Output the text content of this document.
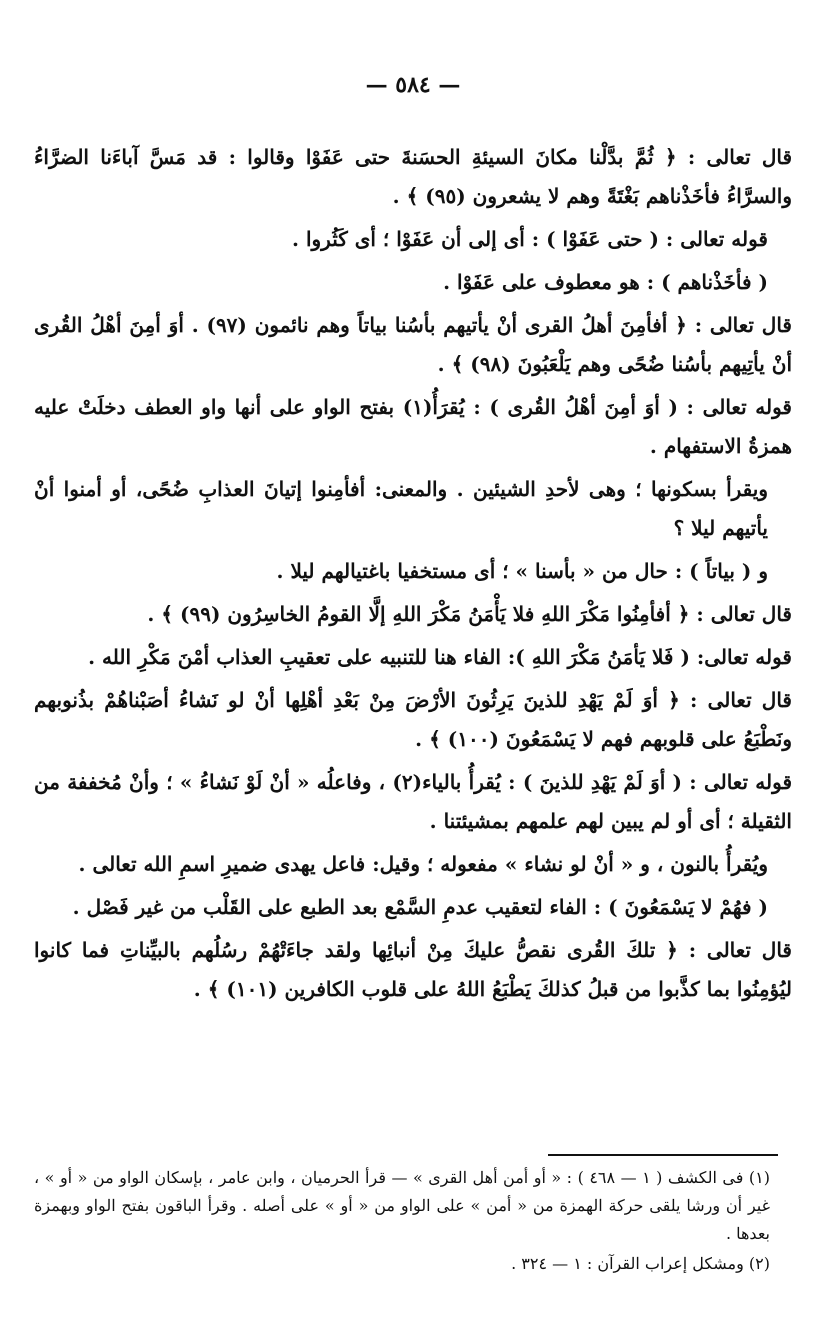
— ٥٨٤ —

قال تعالى : ﴿ ثُمَّ بدَّلْنا مكانَ السيئةِ الحسَنةَ حتى عَفَوْا وقالوا : قد مَسَّ آباءَنا الضرَّاءُ والسرَّاءُ فأخَذْناهم بَغْتَةً وهم لا يشعرون (٩٥) ﴾ .

قوله تعالى : ( حتى عَفَوْا ) : أى إلى أن عَفَوْا ؛ أى كَثُروا .

( فأخَذْناهم ) : هو معطوف على عَفَوْا .

قال تعالى : ﴿ أفأمِنَ أهلُ القرى أنْ يأتيهم بأسُنا بياتاً وهم نائمون (٩٧) . أوَ أمِنَ أهْلُ القُرى أنْ يأتِيهم بأسُنا ضُحًى وهم يَلْعَبُونَ (٩٨) ﴾ .

قوله تعالى : ( أوَ أمِنَ أهْلُ القُرى ) : يُقرَأُ(١) بفتح الواو على أنها واو العطف دخلَتْ عليه همزةُ الاستفهام .

ويقرأ بسكونها ؛ وهى لأحدِ الشيئين . والمعنى: أفأمِنوا إتيانَ العذابِ ضُحًى، أو أمنوا أنْ يأتيهم ليلا ؟

و ( بياتاً ) : حال من « بأسنا » ؛ أى مستخفيا باغتيالهم ليلا .

قال تعالى : ﴿ أفأمِنُوا مَكْرَ اللهِ فلا يَأْمَنُ مَكْرَ اللهِ إلَّا القومُ الخاسِرُون (٩٩) ﴾ .

قوله تعالى: ( فَلا يَأمَنُ مَكْرَ اللهِ ): الفاء هنا للتنبيه على تعقيبِ العذاب أمْنَ مَكْرِ الله .

قال تعالى : ﴿ أوَ لَمْ يَهْدِ للذينَ يَرِثُونَ الأرْضَ مِنْ بَعْدِ أهْلِها أنْ لو نَشاءُ أصَبْناهُمْ بذُنوبهم ونَطْبَعُ على قلوبهم فهم لا يَسْمَعُونَ (١٠٠) ﴾ .

قوله تعالى : ( أوَ لَمْ يَهْدِ للذينَ ) : يُقرأُ بالياء(٢) ، وفاعلُه « أنْ لَوْ نَشاءُ » ؛ وأنْ مُخففة من الثقيلة ؛ أى أو لم يبين لهم علمهم بمشيئتنا .

ويُقرأُ بالنون ، و « أنْ لو نشاء » مفعوله ؛ وقيل: فاعل يهدى ضميرِ اسمِ الله تعالى .

( فهُمْ لا يَسْمَعُونَ ) : الفاء لتعقيب عدمِ السَّمْع بعد الطبع على القَلْب من غير فَصْل .

قال تعالى : ﴿ تلكَ القُرى نقصُّ عليكَ مِنْ أنبائِها ولقد جاءَتْهُمْ رسُلُهم بالبيِّناتِ فما كانوا ليُؤمِنُوا بما كذَّبوا من قبلُ كذلكَ يَطْبَعُ اللهُ على قلوب الكافرين (١٠١) ﴾ .

(١) فى الكشف ( ١ — ٤٦٨ ) : « أو أمن أهل القرى » — قرأ الحرميان ، وابن عامر ، بإسكان الواو من « أو » ، غير أن ورشا يلقى حركة الهمزة من « أمن » على الواو من « أو » على أصله . وقرأ الباقون بفتح الواو وبهمزة بعدها .

(٢) ومشكل إعراب القرآن : ١ — ٣٢٤ .
